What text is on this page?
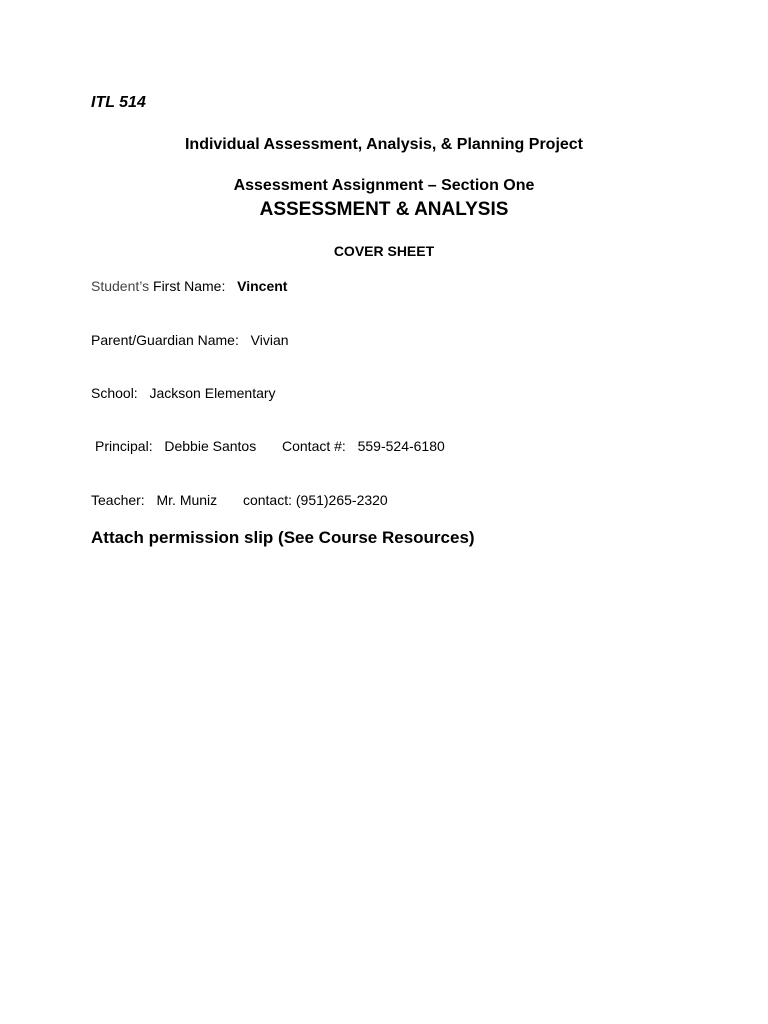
ITL 514
Individual Assessment, Analysis, & Planning Project
Assessment Assignment – Section One
ASSESSMENT & ANALYSIS
COVER SHEET
Student’s First Name: Vincent
Parent/Guardian Name: Vivian
School: Jackson Elementary
Principal: Debbie Santos Contact #: 559-524-6180
Teacher: Mr. Muniz contact: (951)265-2320
Attach permission slip (See Course Resources)
